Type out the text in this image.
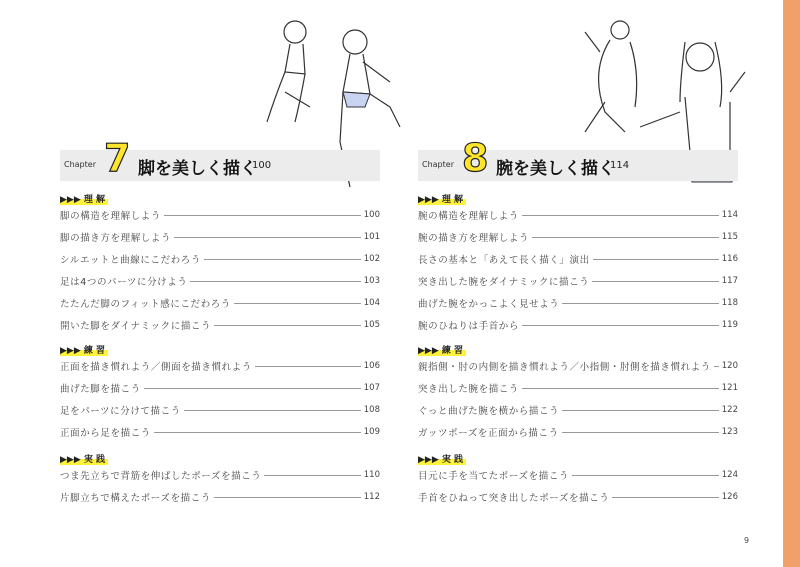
Chapter 7 脚を美しく描く
100
▶▶▶ 理 解
脚の構造を理解しよう	100
脚の描き方を理解しよう	101
シルエットと曲線にこだわろう	102
足は4つのパーツに分けよう	103
たたんだ脚のフィット感にこだわろう	104
開いた脚をダイナミックに描こう	105
▶▶▶ 練 習
正面を描き慣れよう／側面を描き慣れよう	106
曲げた脚を描こう	107
足をパーツに分けて描こう	108
正面から足を描こう	109
▶▶▶ 実 践
つま先立ちで背筋を伸ばしたポーズを描こう	110
片脚立ちで構えたポーズを描こう	112
Chapter 8 腕を美しく描く
114
▶▶▶ 理 解
腕の構造を理解しよう	114
腕の描き方を理解しよう	115
長さの基本と「あえて長く描く」演出	116
突き出した腕をダイナミックに描こう	117
曲げた腕をかっこよく見せよう	118
腕のひねりは手首から	119
▶▶▶ 練 習
親指側・肘の内側を描き慣れよう／小指側・肘側を描き慣れよう 120
突き出した腕を描こう	121
ぐっと曲げた腕を横から描こう	122
ガッツポーズを正面から描こう	123
▶▶▶ 実 践
目元に手を当てたポーズを描こう	124
手首をひねって突き出したポーズを描こう	126
9
